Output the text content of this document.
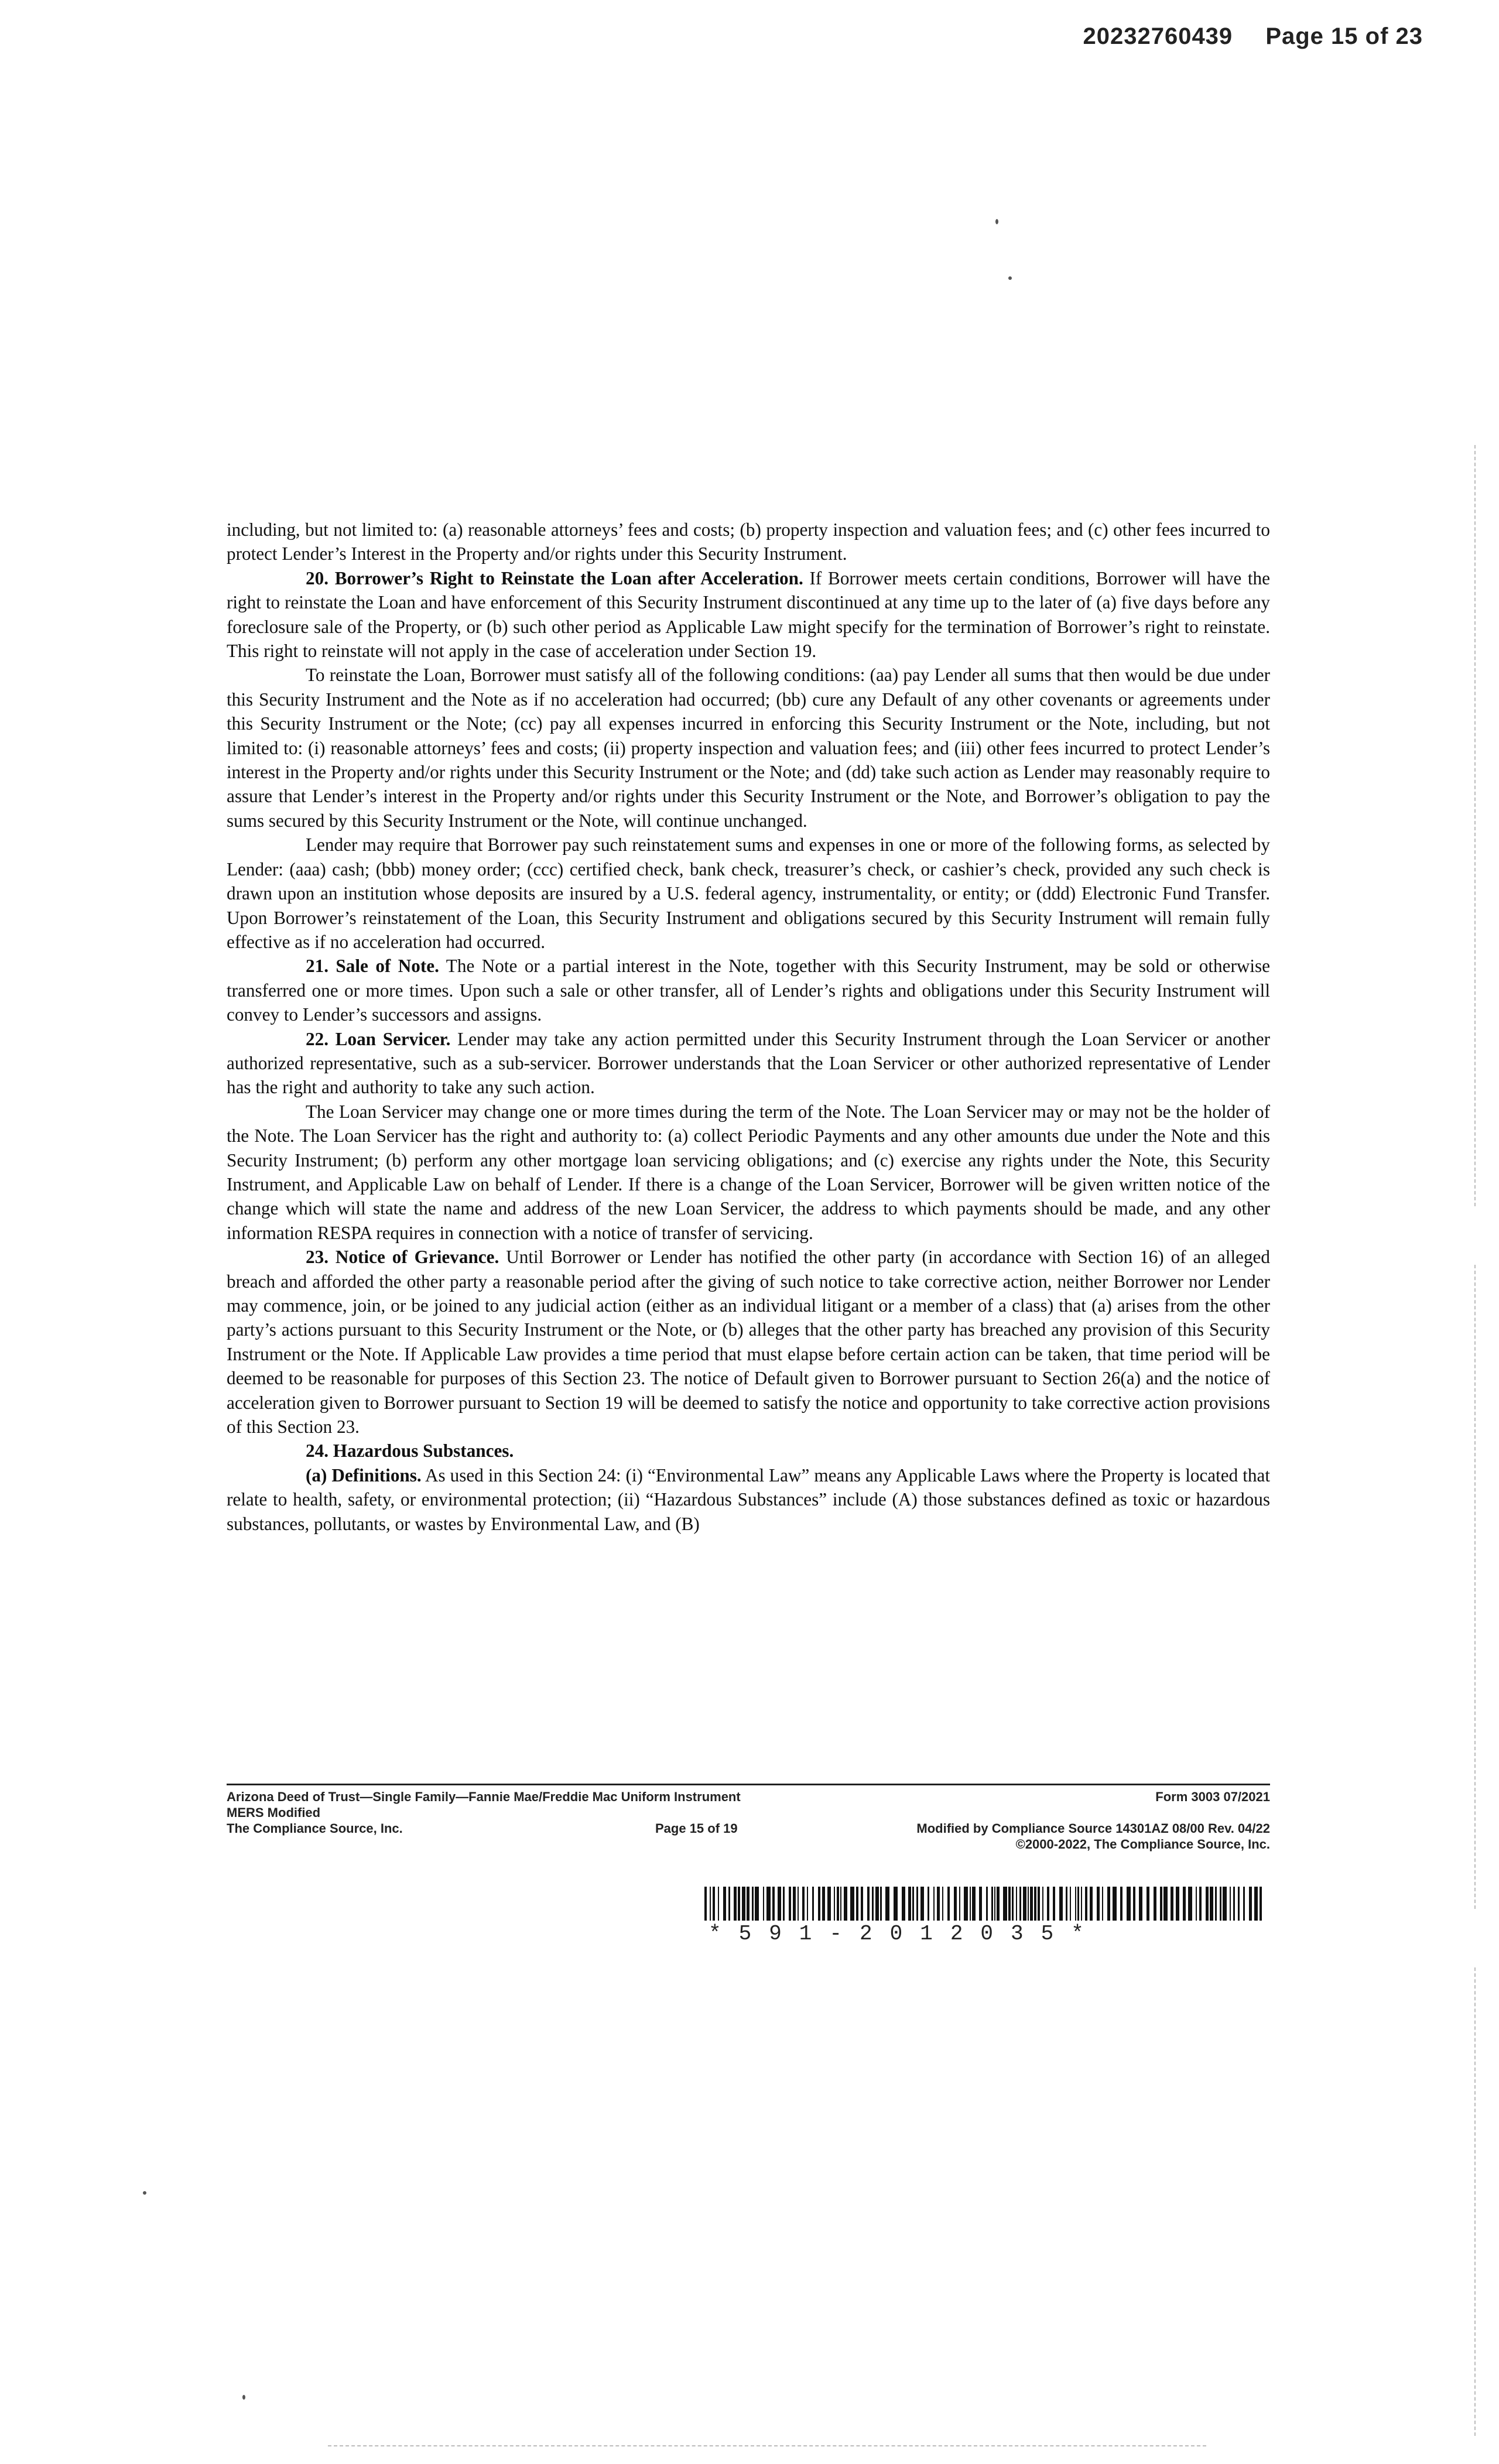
20232760439 Page 15 of 23

including, but not limited to: (a) reasonable attorneys’ fees and costs; (b) property inspection and valuation fees; and (c) other fees incurred to protect Lender’s Interest in the Property and/or rights under this Security Instrument.

20. Borrower’s Right to Reinstate the Loan after Acceleration. If Borrower meets certain conditions, Borrower will have the right to reinstate the Loan and have enforcement of this Security Instrument discontinued at any time up to the later of (a) five days before any foreclosure sale of the Property, or (b) such other period as Applicable Law might specify for the termination of Borrower’s right to reinstate. This right to reinstate will not apply in the case of acceleration under Section 19.

To reinstate the Loan, Borrower must satisfy all of the following conditions: (aa) pay Lender all sums that then would be due under this Security Instrument and the Note as if no acceleration had occurred; (bb) cure any Default of any other covenants or agreements under this Security Instrument or the Note; (cc) pay all expenses incurred in enforcing this Security Instrument or the Note, including, but not limited to: (i) reasonable attorneys’ fees and costs; (ii) property inspection and valuation fees; and (iii) other fees incurred to protect Lender’s interest in the Property and/or rights under this Security Instrument or the Note; and (dd) take such action as Lender may reasonably require to assure that Lender’s interest in the Property and/or rights under this Security Instrument or the Note, and Borrower’s obligation to pay the sums secured by this Security Instrument or the Note, will continue unchanged.

Lender may require that Borrower pay such reinstatement sums and expenses in one or more of the following forms, as selected by Lender: (aaa) cash; (bbb) money order; (ccc) certified check, bank check, treasurer’s check, or cashier’s check, provided any such check is drawn upon an institution whose deposits are insured by a U.S. federal agency, instrumentality, or entity; or (ddd) Electronic Fund Transfer. Upon Borrower’s reinstatement of the Loan, this Security Instrument and obligations secured by this Security Instrument will remain fully effective as if no acceleration had occurred.

21. Sale of Note. The Note or a partial interest in the Note, together with this Security Instrument, may be sold or otherwise transferred one or more times. Upon such a sale or other transfer, all of Lender’s rights and obligations under this Security Instrument will convey to Lender’s successors and assigns.

22. Loan Servicer. Lender may take any action permitted under this Security Instrument through the Loan Servicer or another authorized representative, such as a sub-servicer. Borrower understands that the Loan Servicer or other authorized representative of Lender has the right and authority to take any such action.

The Loan Servicer may change one or more times during the term of the Note. The Loan Servicer may or may not be the holder of the Note. The Loan Servicer has the right and authority to: (a) collect Periodic Payments and any other amounts due under the Note and this Security Instrument; (b) perform any other mortgage loan servicing obligations; and (c) exercise any rights under the Note, this Security Instrument, and Applicable Law on behalf of Lender. If there is a change of the Loan Servicer, Borrower will be given written notice of the change which will state the name and address of the new Loan Servicer, the address to which payments should be made, and any other information RESPA requires in connection with a notice of transfer of servicing.

23. Notice of Grievance. Until Borrower or Lender has notified the other party (in accordance with Section 16) of an alleged breach and afforded the other party a reasonable period after the giving of such notice to take corrective action, neither Borrower nor Lender may commence, join, or be joined to any judicial action (either as an individual litigant or a member of a class) that (a) arises from the other party’s actions pursuant to this Security Instrument or the Note, or (b) alleges that the other party has breached any provision of this Security Instrument or the Note. If Applicable Law provides a time period that must elapse before certain action can be taken, that time period will be deemed to be reasonable for purposes of this Section 23. The notice of Default given to Borrower pursuant to Section 26(a) and the notice of acceleration given to Borrower pursuant to Section 19 will be deemed to satisfy the notice and opportunity to take corrective action provisions of this Section 23.

24. Hazardous Substances.

(a) Definitions. As used in this Section 24: (i) “Environmental Law” means any Applicable Laws where the Property is located that relate to health, safety, or environmental protection; (ii) “Hazardous Substances” include (A) those substances defined as toxic or hazardous substances, pollutants, or wastes by Environmental Law, and (B)

Arizona Deed of Trust—Single Family—Fannie Mae/Freddie Mac Uniform Instrument	Form 3003 07/2021
MERS Modified
The Compliance Source, Inc.	Page 15 of 19	Modified by Compliance Source 14301AZ 08/00 Rev. 04/22
©2000-2022, The Compliance Source, Inc.
*591-2012035*
